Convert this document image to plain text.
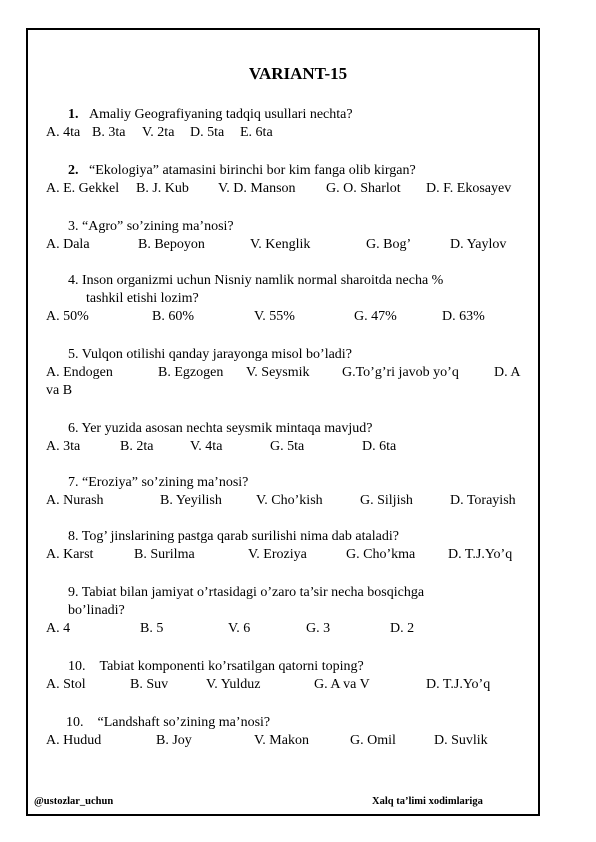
VARIANT-15
1. Amaliy Geografiyaning tadqiq usullari nechta?
A. 4ta B. 3ta V. 2ta D. 5ta E. 6ta
2. “Ekologiya” atamasini birinchi bor kim fanga olib kirgan?
A. E. Gekkel B. J. Kub V. D. Manson G. O. Sharlot D. F. Ekosayev
3. “Agro” so’zining ma’nosi?
A. Dala	B. Bepoyon	V. Kenglik	G. Bog’	D. Yaylov
4. Inson organizmi uchun Nisniy namlik normal sharoitda necha %
tashkil etishi lozim?
A. 50%	B. 60%	V. 55%	G. 47%	D. 63%
5. Vulqon otilishi qanday jarayonga misol bo’ladi?
A. Endogen	B. Egzogen V. Seysmik G.To’g’ri javob yo’q	D. A
va B
6. Yer yuzida asosan nechta seysmik mintaqa mavjud?
A. 3ta	B. 2ta	V. 4ta	G. 5ta	D. 6ta
7. “Eroziya” so’zining ma’nosi?
A. Nurash	B. Yeyilish V. Cho’kish	G. Siljish	D. Torayish
8. Tog’ jinslarining pastga qarab surilishi nima dab ataladi?
A. Karst	B. Surilma	V. Eroziya	G. Cho’kma D. T.J.Yo’q
9. Tabiat bilan jamiyat o’rtasidagi o’zaro ta’sir necha bosqichga
bo’linadi?
A. 4	B. 5	V. 6	G. 3	D. 2
10. Tabiat komponenti ko’rsatilgan qatorni toping?
A. Stol	B. Suv	V. Yulduz	G. A va V	D. T.J.Yo’q
10. “Landshaft so’zining ma’nosi?
A. Hudud	B. Joy	V. Makon	G. Omil	D. Suvlik
@ustozlar_uchun	Xalq ta’limi xodimlariga
